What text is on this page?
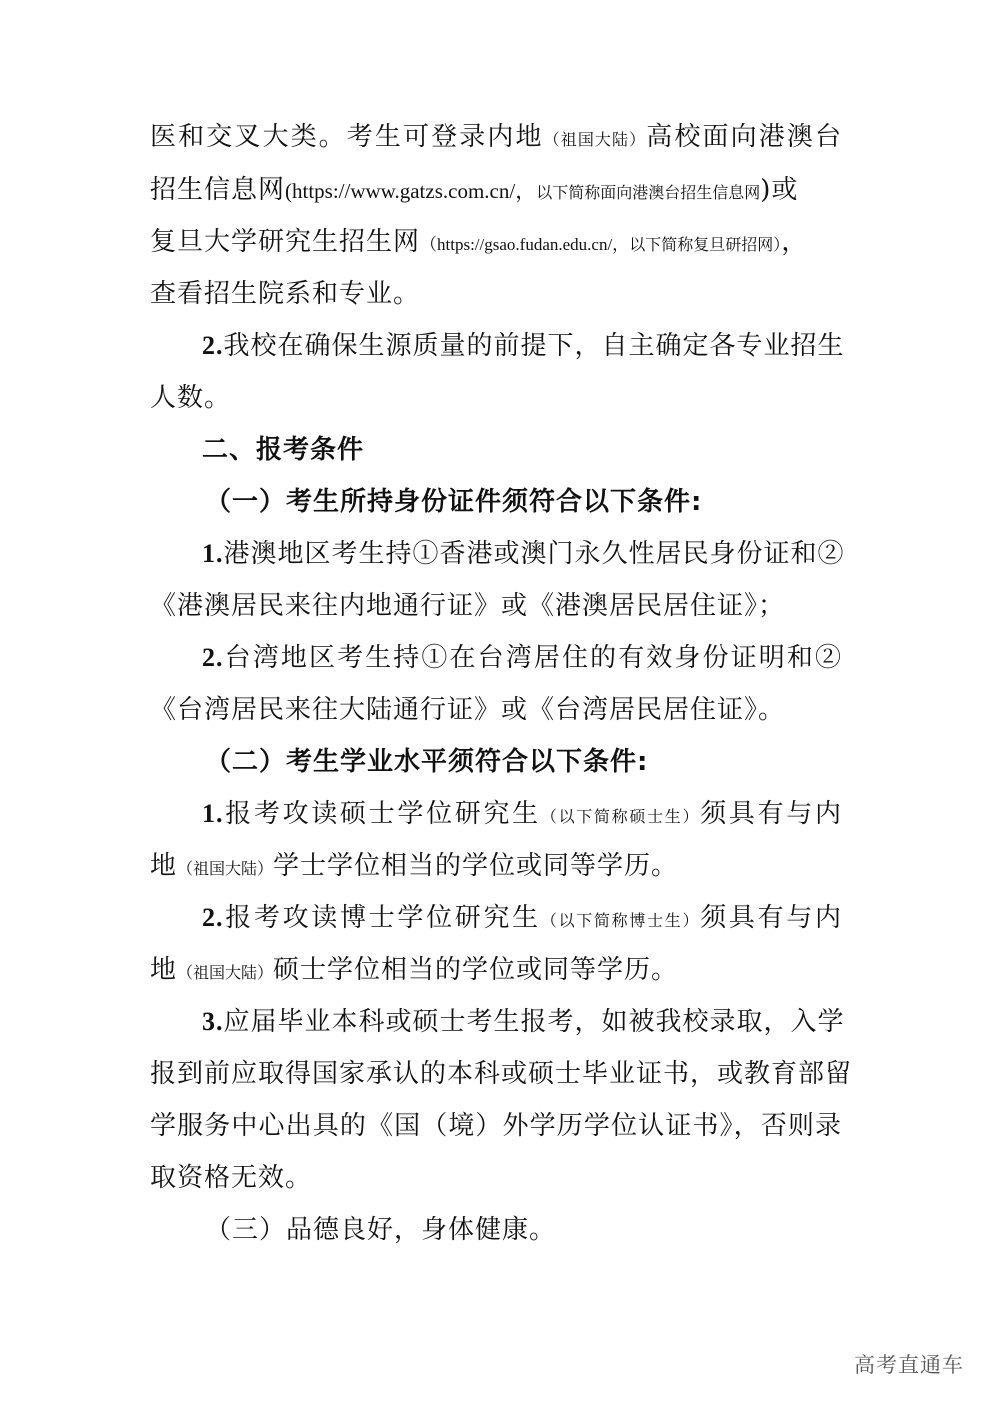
医和交叉大类。考生可登录内地（祖国大陆）高校面向港澳台
招生信息网(https://www.gatzs.com.cn/，以下简称面向港澳台招生信息网)或
复旦大学研究生招生网（https://gsao.fudan.edu.cn/，以下简称复旦研招网），
查看招生院系和专业。
2.我校在确保生源质量的前提下，自主确定各专业招生
人数。
二、报考条件
（一）考生所持身份证件须符合以下条件:
1.港澳地区考生持①香港或澳门永久性居民身份证和②
《港澳居民来往内地通行证》或《港澳居民居住证》；
2.台湾地区考生持①在台湾居住的有效身份证明和②
《台湾居民来往大陆通行证》或《台湾居民居住证》。
（二）考生学业水平须符合以下条件:
1.报考攻读硕士学位研究生（以下简称硕士生）须具有与内
地（祖国大陆）学士学位相当的学位或同等学历。
2.报考攻读博士学位研究生（以下简称博士生）须具有与内
地（祖国大陆）硕士学位相当的学位或同等学历。
3.应届毕业本科或硕士考生报考，如被我校录取，入学
报到前应取得国家承认的本科或硕士毕业证书，或教育部留
学服务中心出具的《国（境）外学历学位认证书》，否则录
取资格无效。
（三）品德良好，身体健康。
高考直通车
